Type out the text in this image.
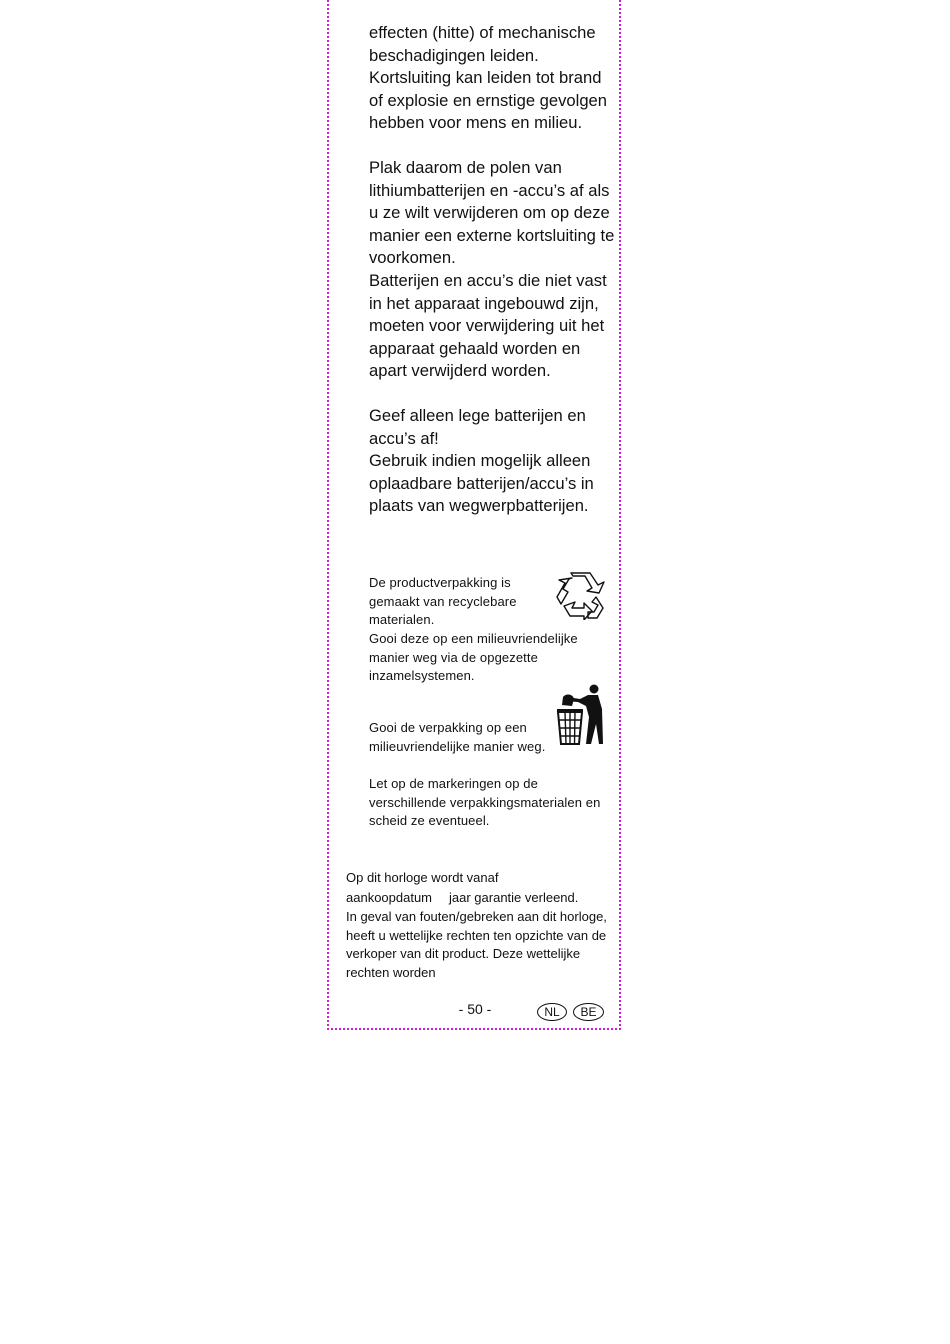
effecten (hitte) of mechanische beschadigingen leiden.

Kortsluiting kan leiden tot brand of explosie en ernstige gevolgen hebben voor mens en milieu.

Plak daarom de polen van lithiumbatterijen en -accu’s af als u ze wilt verwijderen om op deze manier een externe kortsluiting te voorkomen.

Batterijen en accu’s die niet vast in het apparaat ingebouwd zijn, moeten voor verwijdering uit het apparaat gehaald worden en apart verwijderd worden.

Geef alleen lege batterijen en accu’s af!

Gebruik indien mogelijk alleen oplaadbare batterijen/accu’s in plaats van wegwerpbatterijen.

De productverpakking is gemaakt van recyclebare materialen.

Gooi deze op een milieuvriendelijke manier weg via de opgezette inzamelsystemen.

Gooi de verpakking op een milieuvriendelijke manier weg.

Let op de markeringen op de verschillende verpakkingsmaterialen en scheid ze eventueel.

Op dit horloge wordt vanaf
aankoopdatum jaar garantie verleend.

In geval van fouten/gebreken aan dit horloge, heeft u wettelijke rechten ten opzichte van de verkoper van dit product. Deze wettelijke rechten worden

- 50 -	NL	BE
